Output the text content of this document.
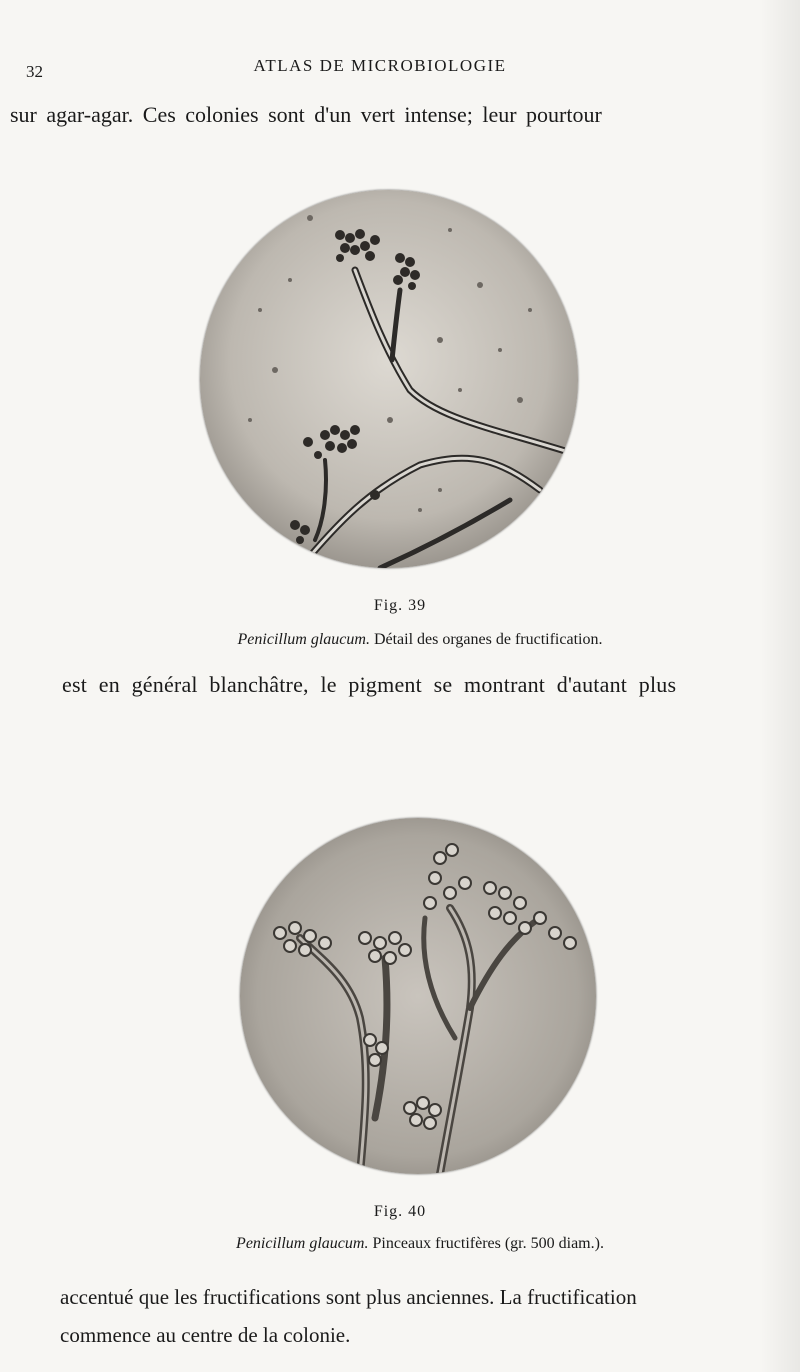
32	ATLAS DE MICROBIOLOGIE
sur agar-agar. Ces colonies sont d'un vert intense; leur pourtour
Fig. 39
Penicillum glaucum. Détail des organes de fructification.
est en général blanchâtre, le pigment se montrant d'autant plus
Fig. 40
Penicillum glaucum. Pinceaux fructifères (gr. 500 diam.).
accentué que les fructifications sont plus anciennes. La fructification
commence au centre de la colonie.
